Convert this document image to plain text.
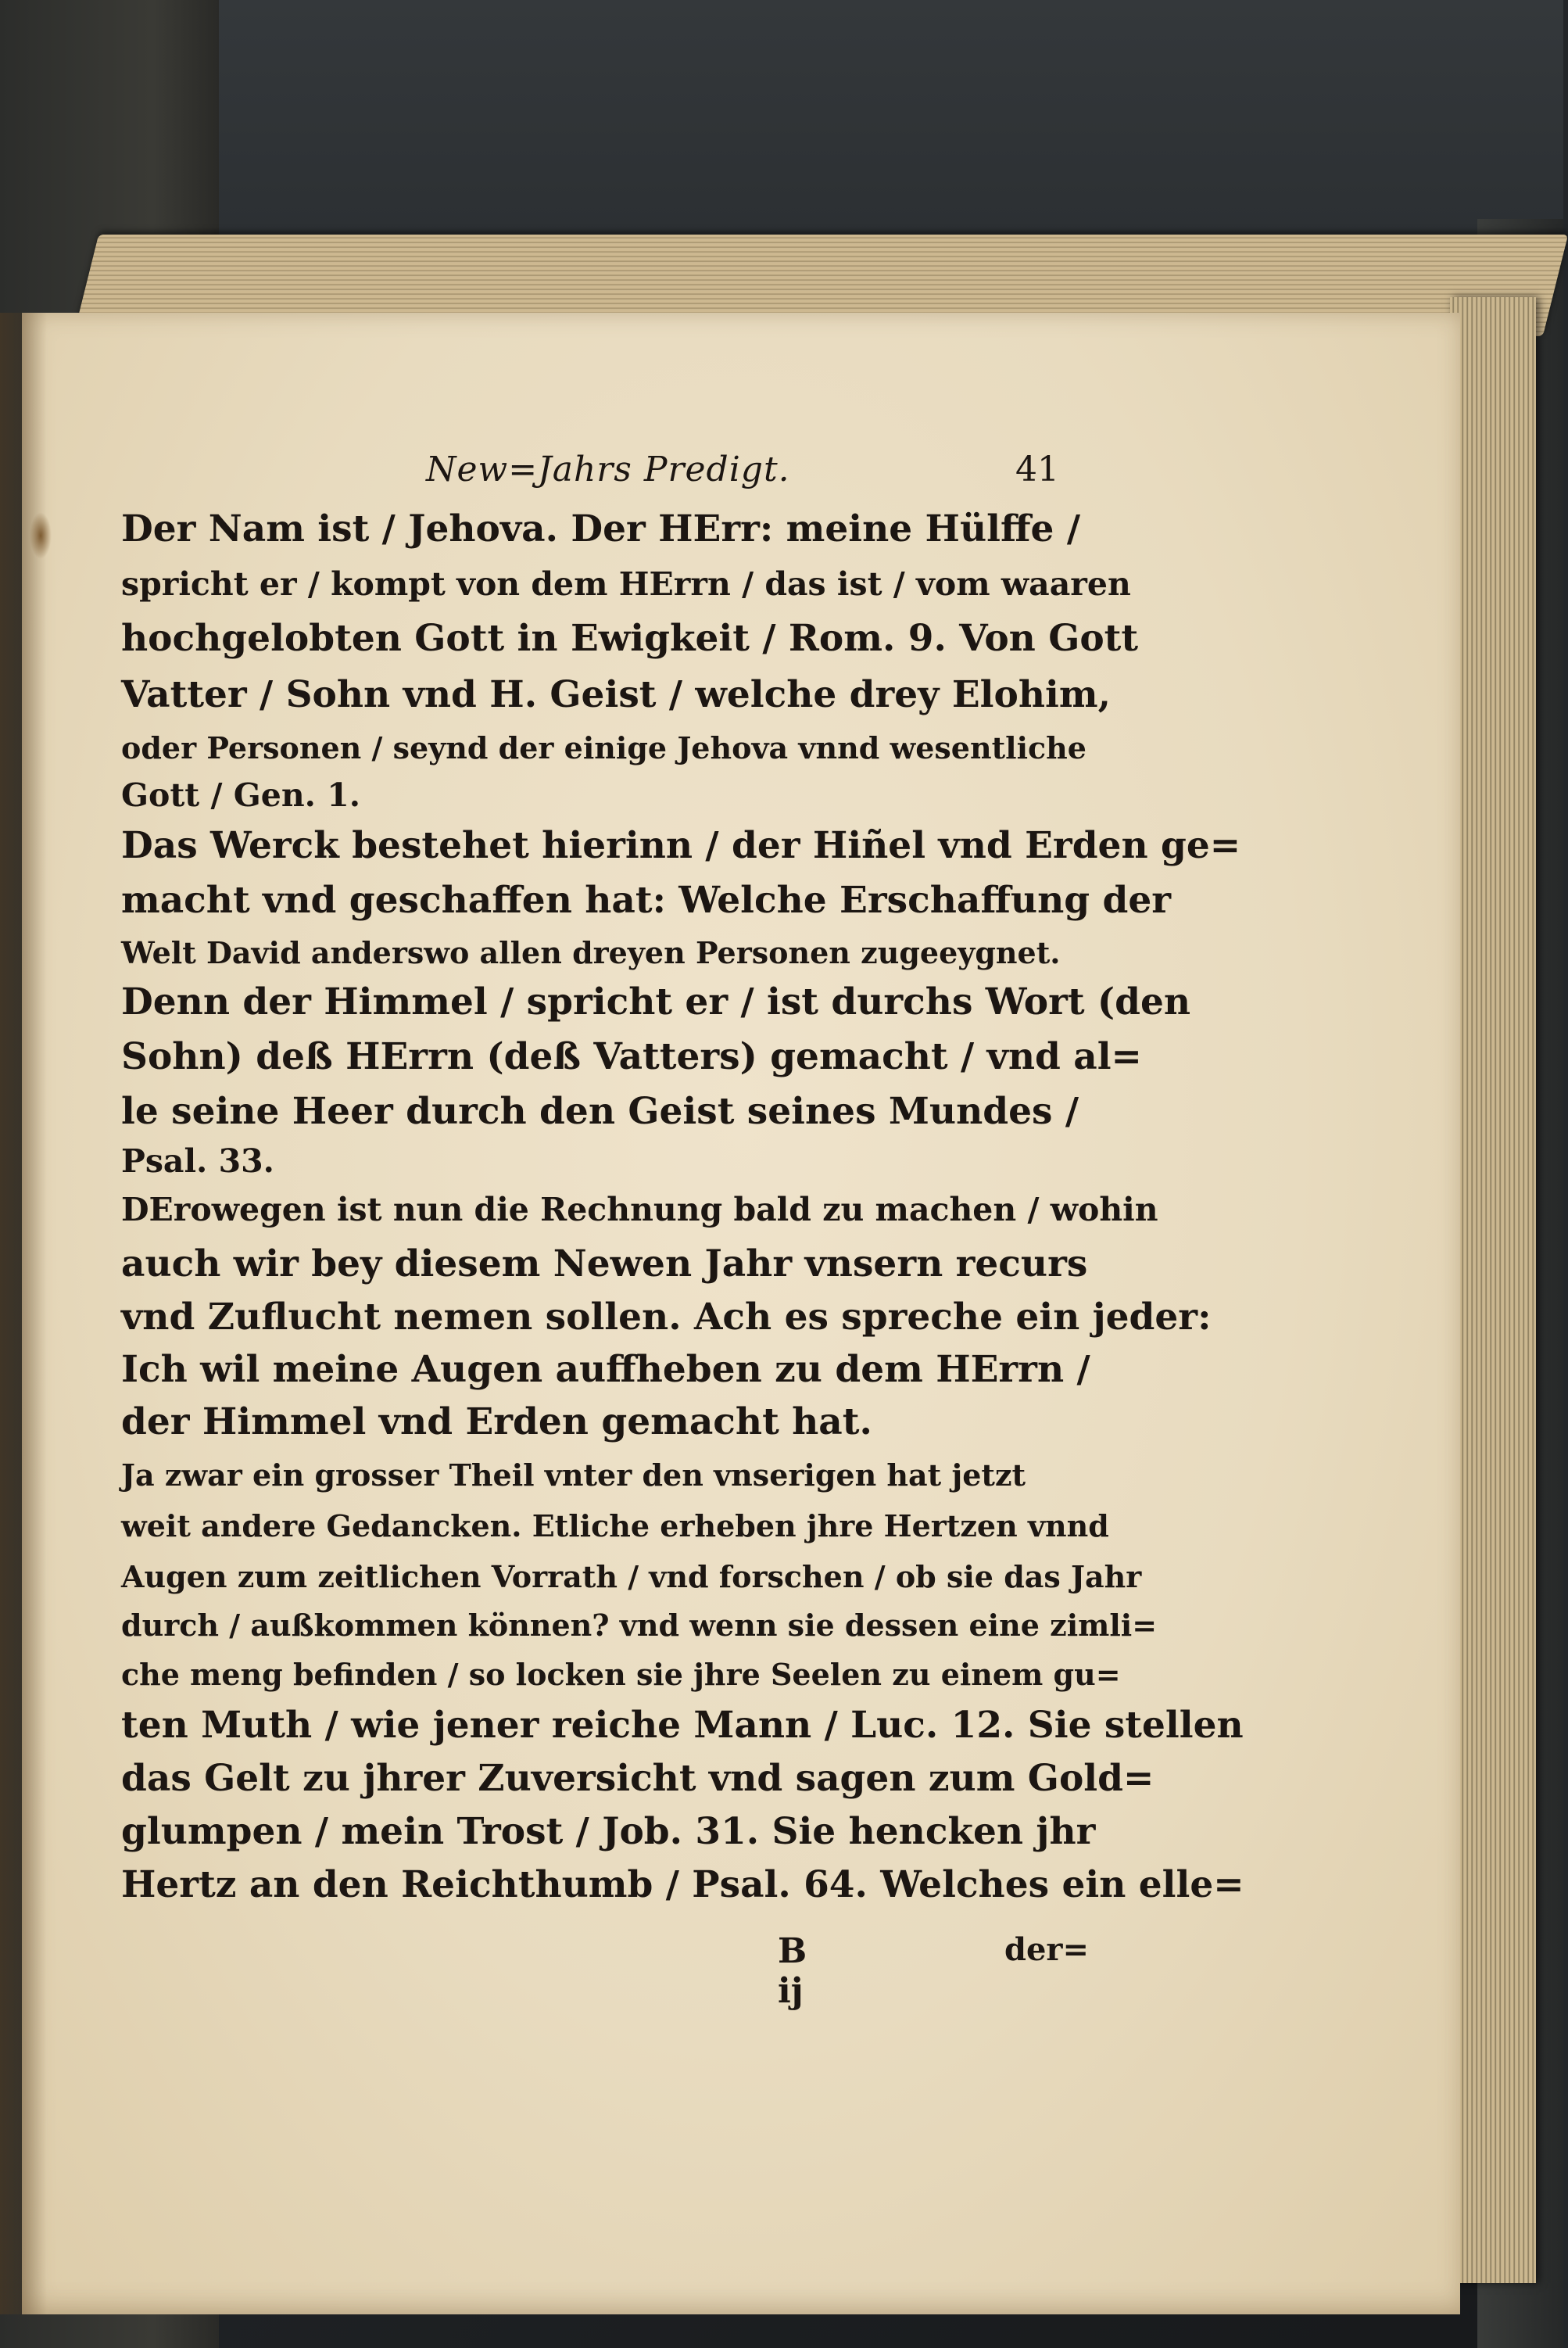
New=Jahrs Predigt.	41
Der Nam ist / Jehova. Der HErr: meine Hülffe /
spricht er / kompt von dem HErrn / das ist / vom waaren
hochgelobten Gott in Ewigkeit / Rom. 9. Von Gott
Vatter / Sohn vnd H. Geist / welche drey Elohim,
oder Personen / seynd der einige Jehova vnnd wesentliche
Gott / Gen. 1.
Das Werck bestehet hierinn / der Hiñel vnd Erden ge=
macht vnd geschaffen hat: Welche Erschaffung der
Welt David anderswo allen dreyen Personen zugeeygnet.
Denn der Himmel / spricht er / ist durchs Wort (den
Sohn) deß HErrn (deß Vatters) gemacht / vnd al=
le seine Heer durch den Geist seines Mundes /
Psal. 33.
DErowegen ist nun die Rechnung bald zu machen / wohin
auch wir bey diesem Newen Jahr vnsern recurs
vnd Zuflucht nemen sollen. Ach es spreche ein jeder:
Ich wil meine Augen auffheben zu dem HErrn /
der Himmel vnd Erden gemacht hat.
Ja zwar ein grosser Theil vnter den vnserigen hat jetzt
weit andere Gedancken. Etliche erheben jhre Hertzen vnnd
Augen zum zeitlichen Vorrath / vnd forschen / ob sie das Jahr
durch / außkommen können? vnd wenn sie dessen eine zimli=
che meng befinden / so locken sie jhre Seelen zu einem gu=
ten Muth / wie jener reiche Mann / Luc. 12. Sie stellen
das Gelt zu jhrer Zuversicht vnd sagen zum Gold=
glumpen / mein Trost / Job. 31. Sie hencken jhr
Hertz an den Reichthumb / Psal. 64. Welches ein elle=
B ij
der=
